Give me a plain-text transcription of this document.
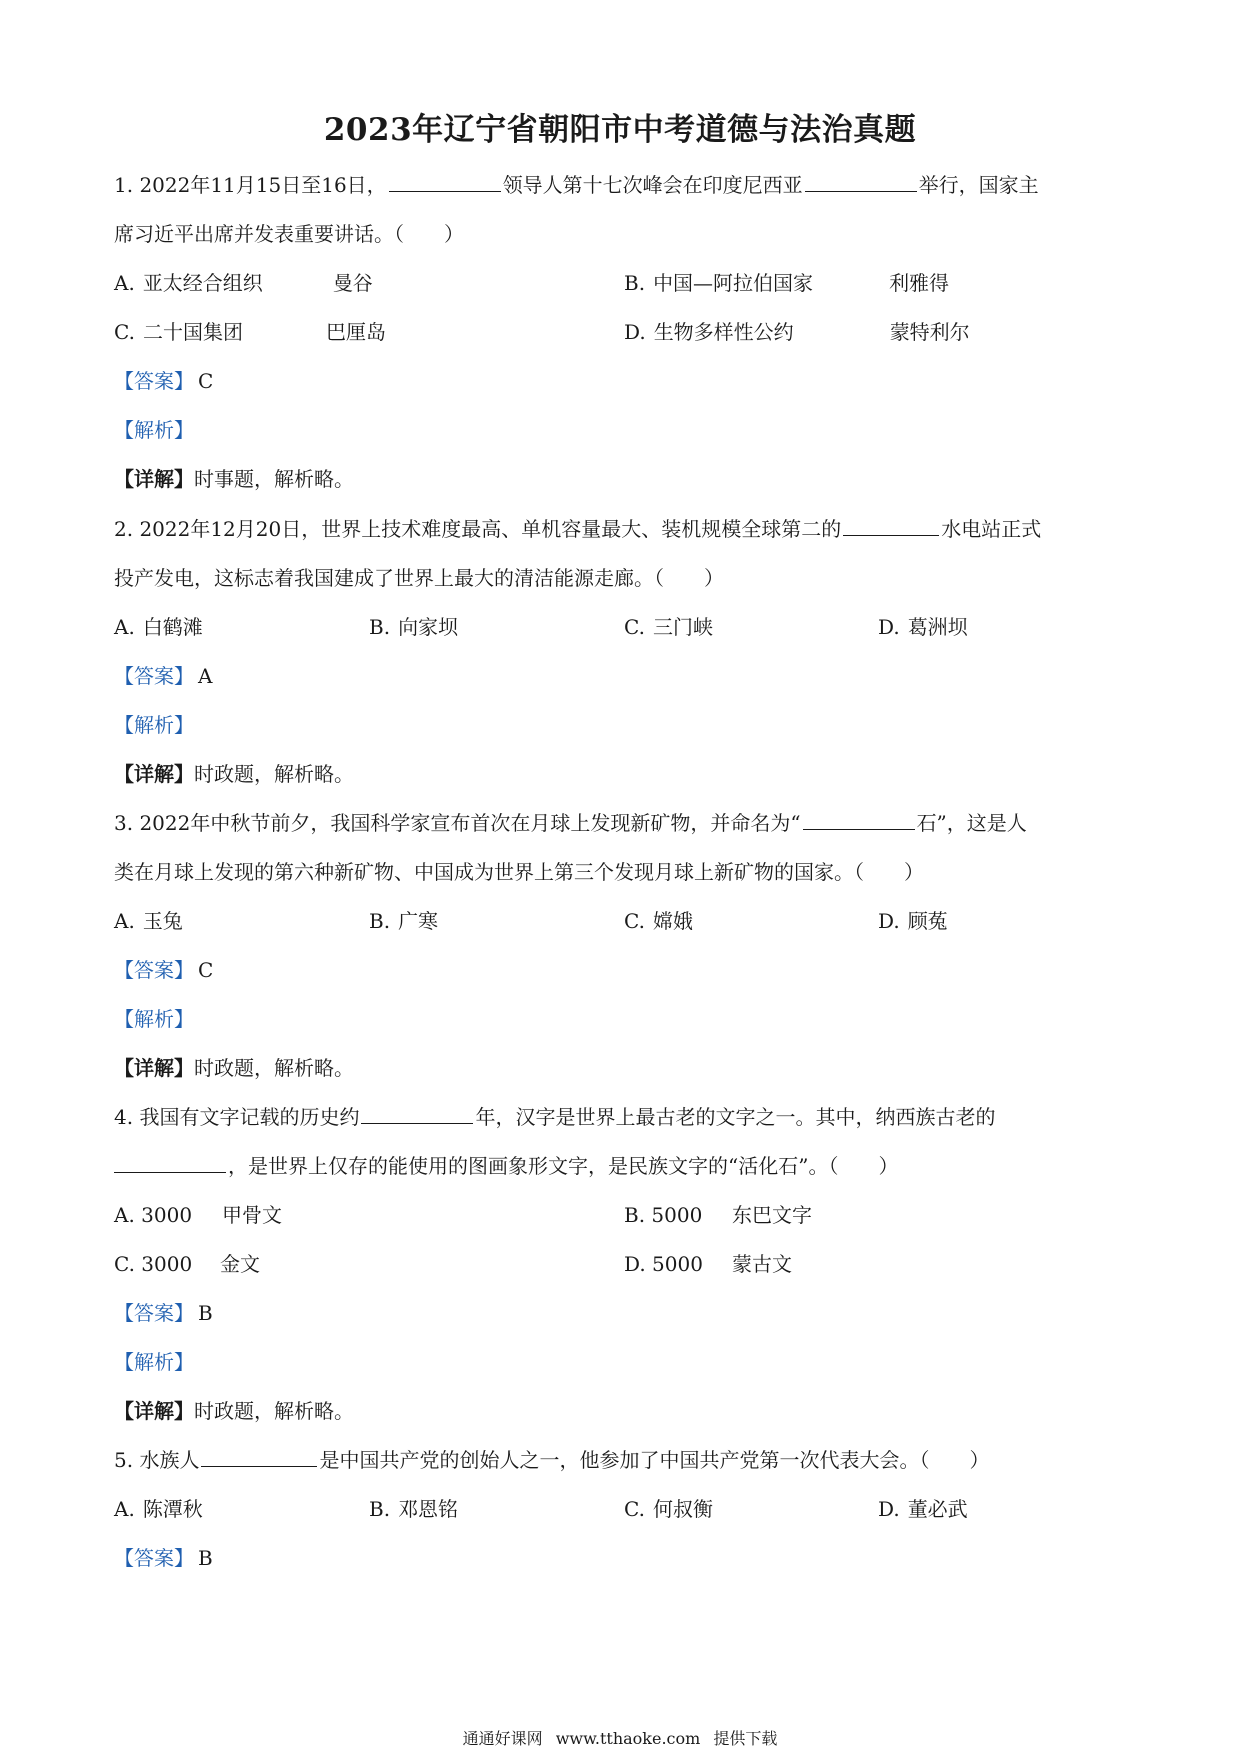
2023年辽宁省朝阳市中考道德与法治真题
1. 2022年11月15日至16日，	领导人第十七次峰会在印度尼西亚	举行，国家主
席习近平出席并发表重要讲话。（　　）
A. 亚太经合组织	曼谷	B. 中国—阿拉伯国家	利雅得
C. 二十国集团	巴厘岛	D. 生物多样性公约	蒙特利尔
【答案】 C
【解析】
【详解】时事题，解析略。
2. 2022年12月20日，世界上技术难度最高、单机容量最大、装机规模全球第二的	水电站正式
投产发电，这标志着我国建成了世界上最大的清洁能源走廊。（　　）
A. 白鹤滩	B. 向家坝	C. 三门峡	D. 葛洲坝
【答案】 A
【解析】
【详解】时政题，解析略。
3. 2022年中秋节前夕，我国科学家宣布首次在月球上发现新矿物，并命名为“	石”，这是人
类在月球上发现的第六种新矿物、中国成为世界上第三个发现月球上新矿物的国家。（　　）
A. 玉兔	B. 广寒	C. 嫦娥	D. 顾菟
【答案】 C
【解析】
【详解】时政题，解析略。
4. 我国有文字记载的历史约	年，汉字是世界上最古老的文字之一。其中，纳西族古老的
，是世界上仅存的能使用的图画象形文字，是民族文字的“活化石”。（　　）
A. 3000 甲骨文	B. 5000 东巴文字
C. 3000 金文	D. 5000 蒙古文
【答案】 B
【解析】
【详解】时政题，解析略。
5. 水族人	是中国共产党的创始人之一，他参加了中国共产党第一次代表大会。（　　）
A. 陈潭秋	B. 邓恩铭	C. 何叔衡	D. 董必武
【答案】 B
通通好课网 www.tthaoke.com 提供下载
